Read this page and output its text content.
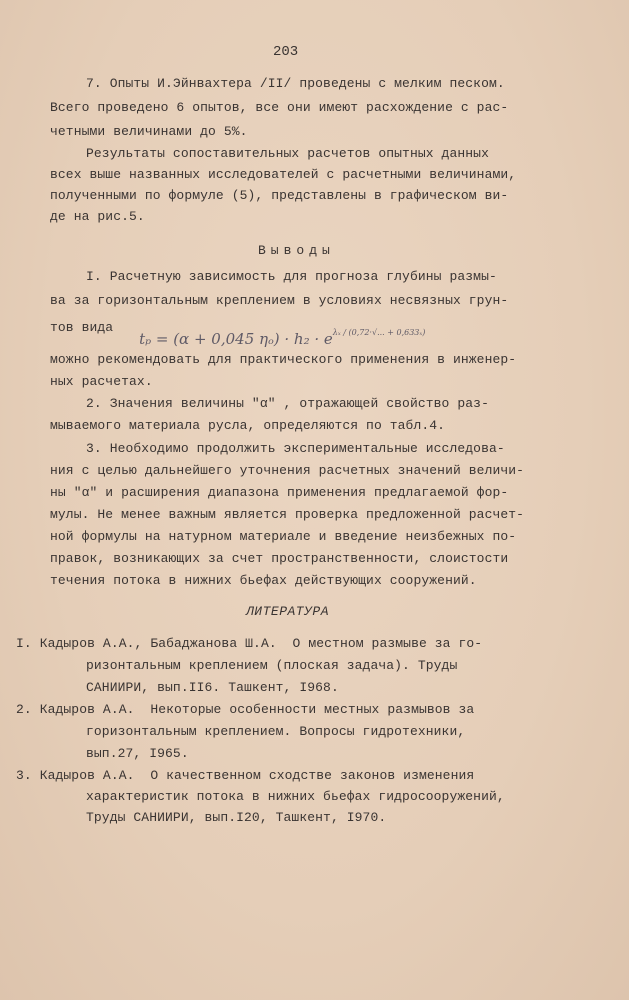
203
7. Опыты И.Эйнвахтера /II/ проведены с мелким песком.
Всего проведено 6 опытов, все они имеют расхождение с рас-
четными величинами до 5%.
Результаты сопоставительных расчетов опытных данных
всех выше названных исследователей с расчетными величинами,
полученными по формуле (5), представлены в графическом ви-
де на рис.5.
Выводы
I. Расчетную зависимость для прогноза глубины размы-
ва за горизонтальным креплением в условиях несвязных грун-
тов вида

tₚ = (α + 0,045 $\eta_o) \cdot h_2 \cdot e^{\lambda_x / (0,72\cdot√... + 0,633_x)}$

можно рекомендовать для практического применения в инженер-
ных расчетах.
2. Значения величины "α" , отражающей свойство раз-
мываемого материала русла, определяются по табл.4.
3. Необходимо продолжить экспериментальные исследова-
ния с целью дальнейшего уточнения расчетных значений величи-
ны "α" и расширения диапазона применения предлагаемой фор-
мулы. Не менее важным является проверка предложенной расчет-
ной формулы на натурном материале и введение неизбежных по-
правок, возникающих за счет пространственности, слоистости
течения потока в нижних бьефах действующих сооружений.
ЛИТЕРАТУРА
I. Кадыров А.А., Бабаджанова Ш.А.  О местном размыве за го-
ризонтальным креплением (плоская задача). Труды
САНИИРИ, вып.II6. Ташкент, I968.
2. Кадыров А.А.  Некоторые особенности местных размывов за
горизонтальным креплением. Вопросы гидротехники,
вып.27, I965.
3. Кадыров А.А.  О качественном сходстве законов изменения
характеристик потока в нижних бьефах гидросооружений,
Труды САНИИРИ, вып.I20, Ташкент, I970.
